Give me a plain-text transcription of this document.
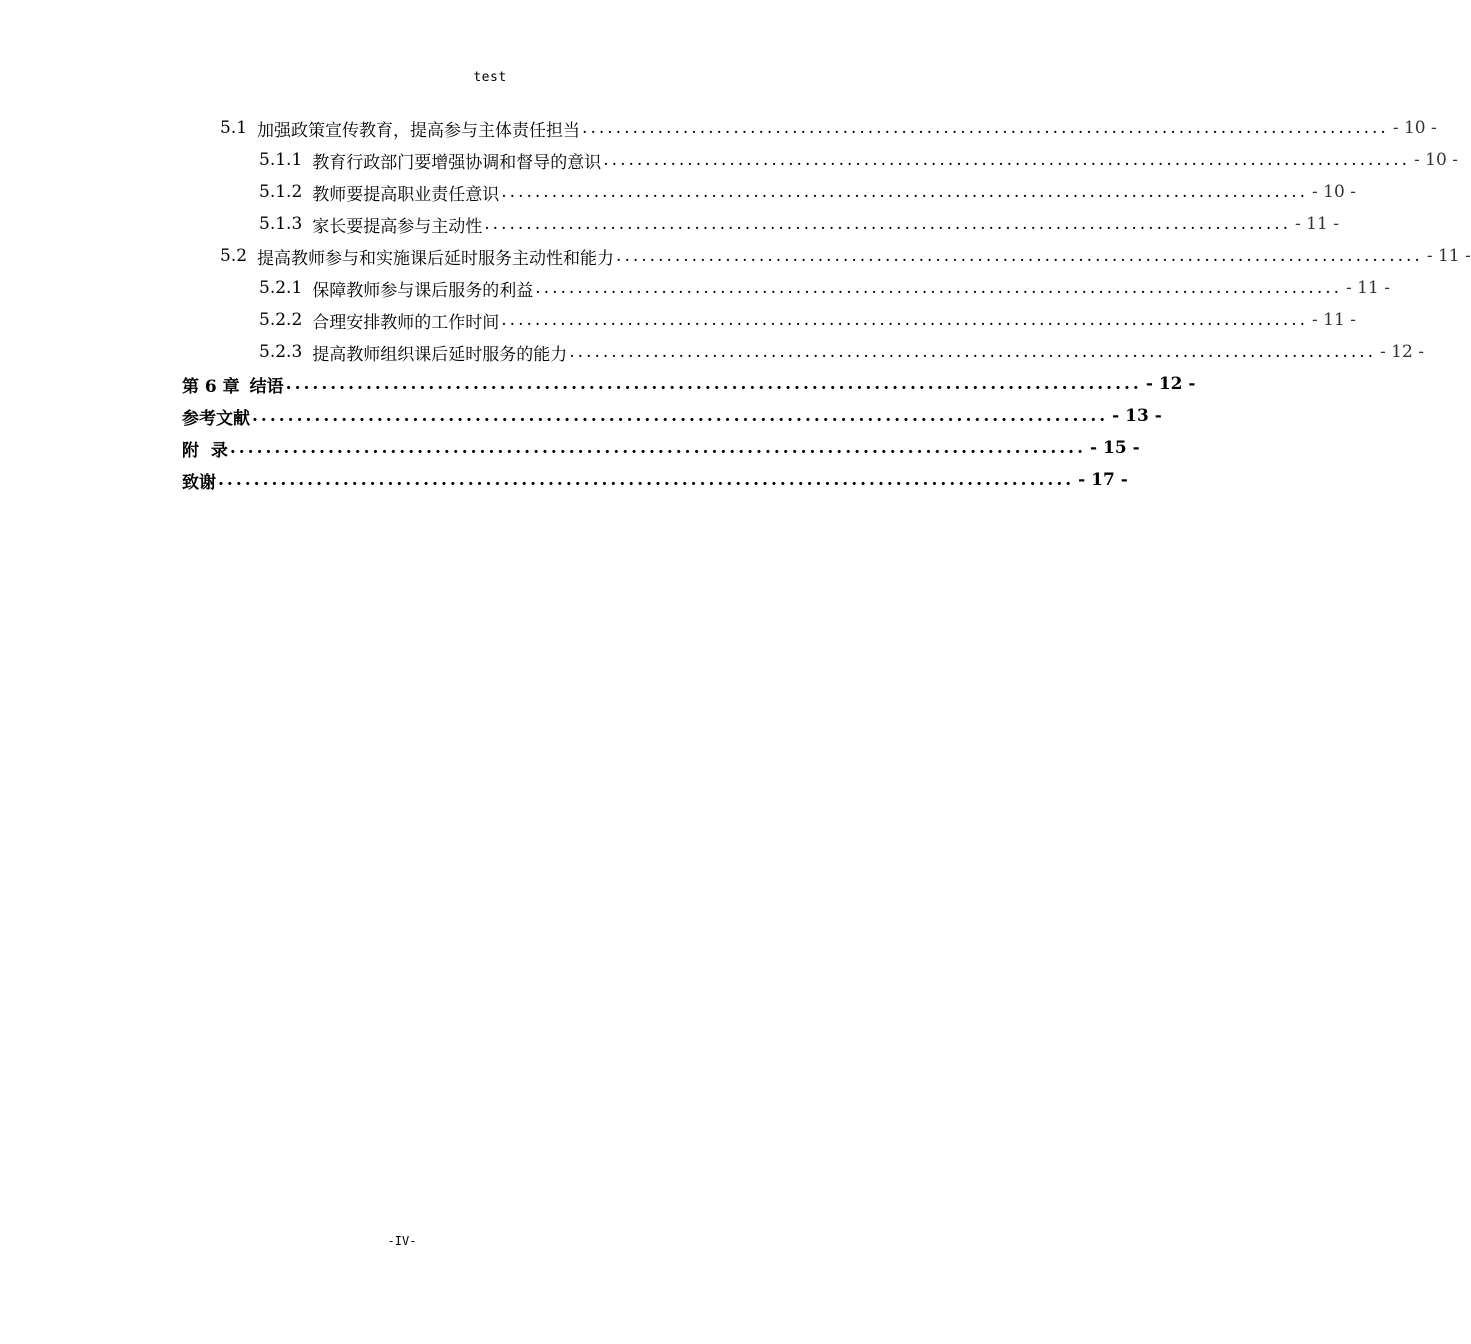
test
5.1 加强政策宣传教育，提高参与主体责任担当 ................................................................................................ - 10 -
5.1.1 教育行政部门要增强协调和督导的意识 ................................................................................................ - 10 -
5.1.2 教师要提高职业责任意识 ................................................................................................ - 10 -
5.1.3 家长要提高参与主动性 ................................................................................................ - 11 -
5.2 提高教师参与和实施课后延时服务主动性和能力 ................................................................................................ - 11 -
5.2.1 保障教师参与课后服务的利益 ................................................................................................ - 11 -
5.2.2 合理安排教师的工作时间 ................................................................................................ - 11 -
5.2.3 提高教师组织课后延时服务的能力 ................................................................................................ - 12 -
第 6 章 结语 ................................................................................................ - 12 -
参考文献 ................................................................................................ - 13 -
附  录 ................................................................................................ - 15 -
致谢 ................................................................................................ - 17 -
-IV-
